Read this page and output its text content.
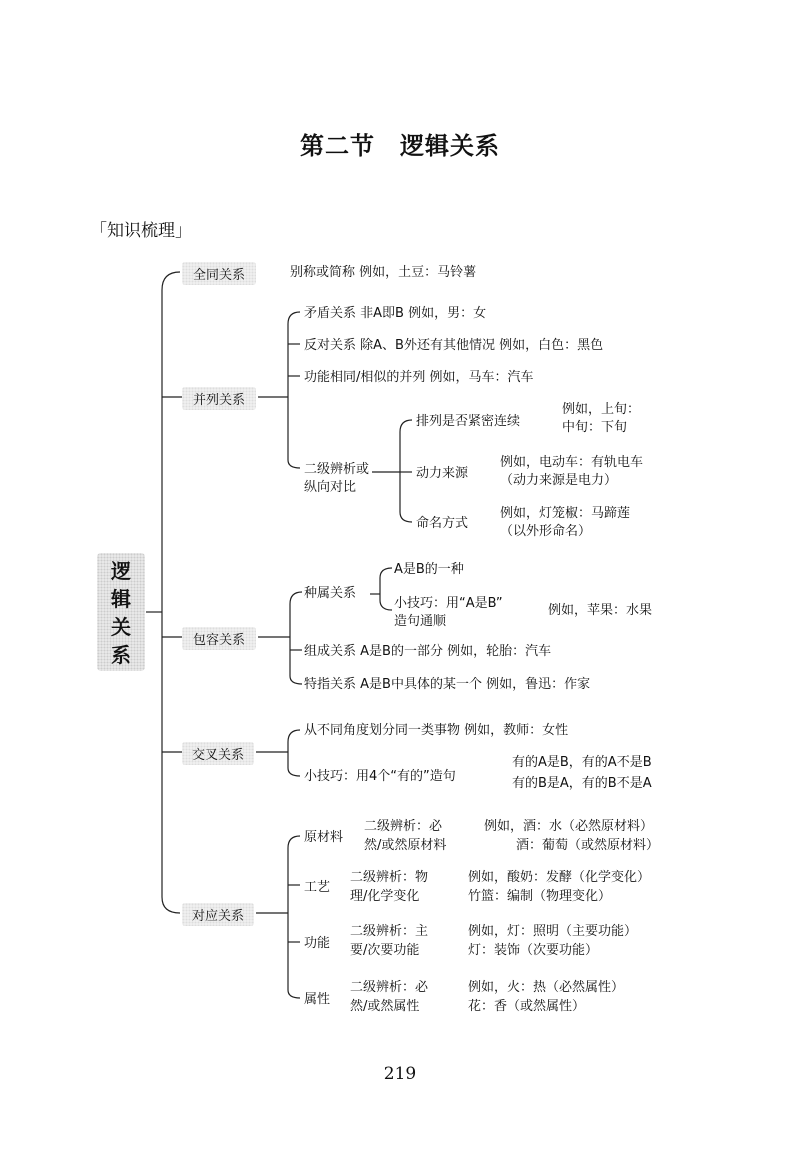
第二节　逻辑关系
「知识梳理」
逻辑关系
全同关系	别称或简称 例如，土豆：马铃薯
并列关系
矛盾关系 非A即B 例如，男：女
反对关系 除A、B外还有其他情况 例如，白色：黑色
功能相同/相似的并列 例如，马车：汽车
二级辨析或
纵向对比
排列是否紧密连续
例如，上旬：
中旬：下旬
动力来源
例如，电动车：有轨电车
（动力来源是电力）
命名方式
例如，灯笼椒：马蹄莲
（以外形命名）
包容关系
种属关系
A是B的一种
小技巧：用“A是B”
造句通顺
例如，苹果：水果
组成关系 A是B的一部分 例如，轮胎：汽车
特指关系 A是B中具体的某一个 例如，鲁迅：作家
交叉关系
从不同角度划分同一类事物 例如，教师：女性
小技巧：用4个“有的”造句
有的A是B，有的A不是B
有的B是A，有的B不是A
对应关系
原材料
二级辨析：必
然/或然原材料
例如，酒：水（必然原材料）
酒：葡萄（或然原材料）
工艺
二级辨析：物
理/化学变化
例如，酸奶：发酵（化学变化）
竹篮：编制（物理变化）
功能
二级辨析：主
要/次要功能
例如，灯：照明（主要功能）
灯：装饰（次要功能）
属性
二级辨析：必
然/或然属性
例如，火：热（必然属性）
花：香（或然属性）
219
